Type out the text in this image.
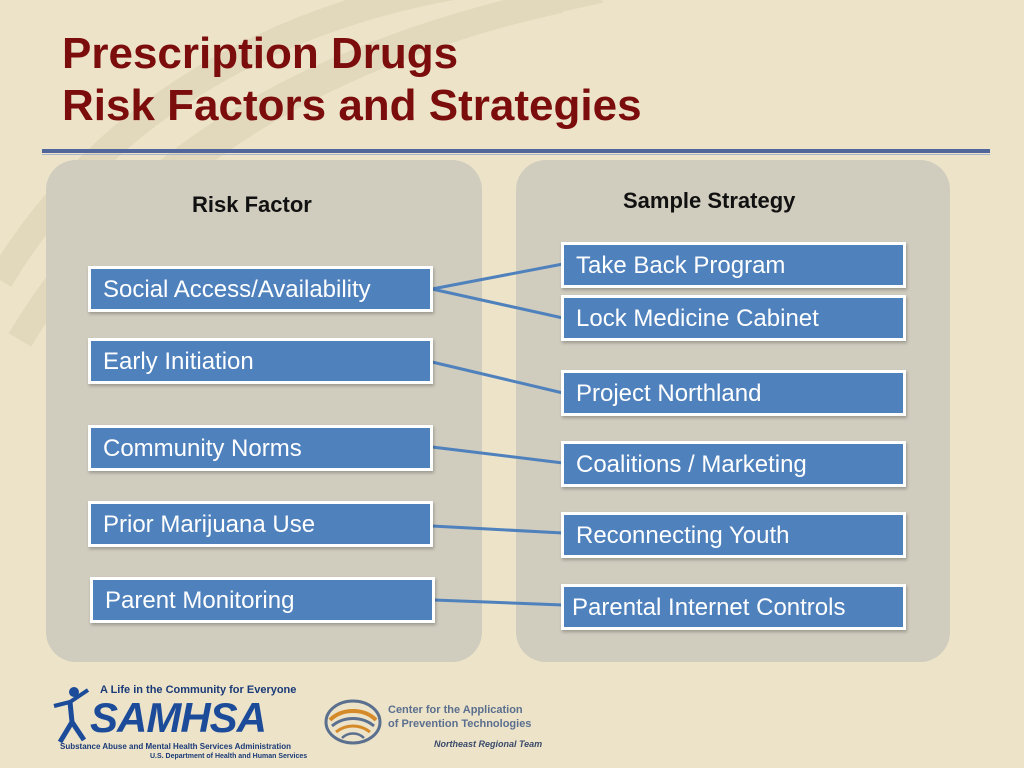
Prescription Drugs
Risk Factors and Strategies
Risk Factor	Sample Strategy
Social Access/Availability
Early Initiation
Community Norms
Prior Marijuana Use
Parent Monitoring
Take Back Program
Lock Medicine Cabinet
Project Northland
Coalitions / Marketing
Reconnecting Youth
Parental Internet Controls
A Life in the Community for Everyone
SAMHSA
Substance Abuse and Mental Health Services Administration
U.S. Department of Health and Human Services
Center for the Application
of Prevention Technologies
Northeast Regional Team
